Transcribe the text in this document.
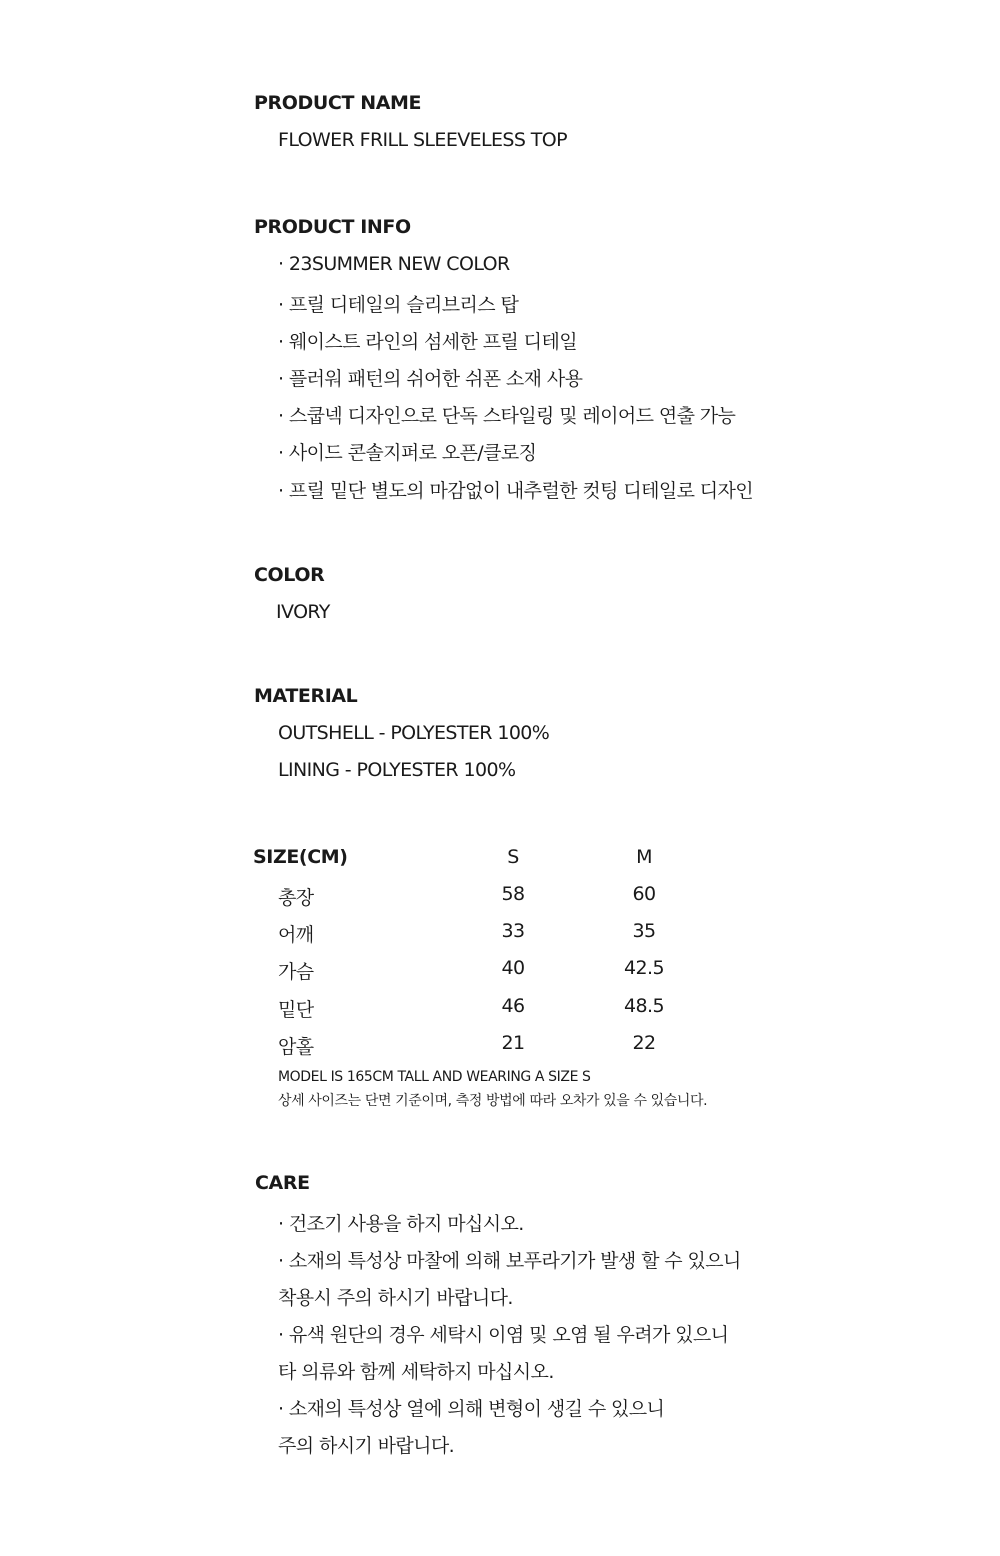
PRODUCT NAME
FLOWER FRILL SLEEVELESS TOP
PRODUCT INFO
· 23SUMMER NEW COLOR
· 프릴 디테일의 슬리브리스 탑
· 웨이스트 라인의 섬세한 프릴 디테일
· 플러워 패턴의 쉬어한 쉬폰 소재 사용
· 스쿱넥 디자인으로 단독 스타일링 및 레이어드 연출 가능
· 사이드 콘솔지퍼로 오픈/클로징
· 프릴 밑단 별도의 마감없이 내추럴한 컷팅 디테일로 디자인
COLOR
IVORY
MATERIAL
OUTSHELL - POLYESTER 100%
LINING - POLYESTER 100%
SIZE(CM)	S	M
총장	58	60
어깨	33	35
가슴	40	42.5
밑단	46	48.5
암홀	21	22
MODEL IS 165CM TALL AND WEARING A SIZE S
상세 사이즈는 단면 기준이며, 측정 방법에 따라 오차가 있을 수 있습니다.
CARE
· 건조기 사용을 하지 마십시오.
· 소재의 특성상 마찰에 의해 보푸라기가 발생 할 수 있으니
착용시 주의 하시기 바랍니다.
· 유색 원단의 경우 세탁시 이염 및 오염 될 우려가 있으니
타 의류와 함께 세탁하지 마십시오.
· 소재의 특성상 열에 의해 변형이 생길 수 있으니
주의 하시기 바랍니다.
